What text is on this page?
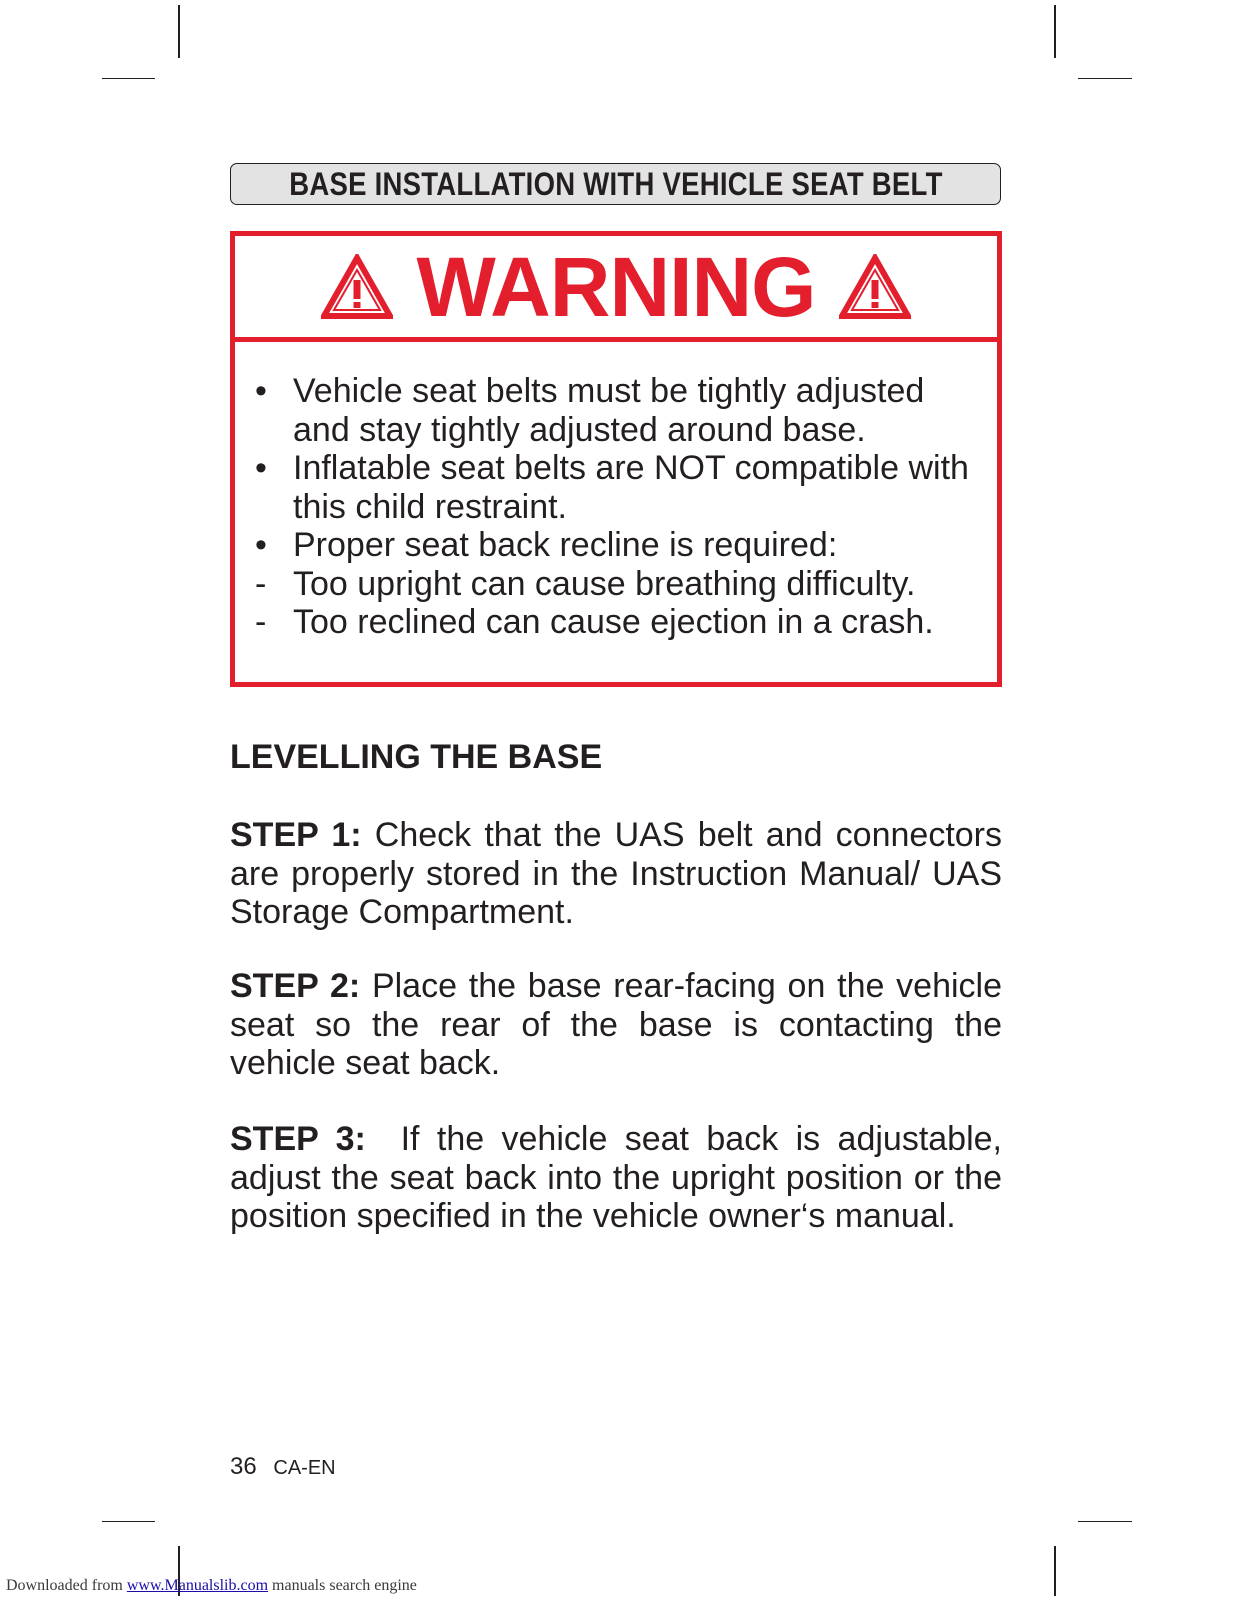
BASE INSTALLATION WITH VEHICLE SEAT BELT
WARNING
• Vehicle seat belts must be tightly adjusted and stay tightly adjusted around base.
• Inflatable seat belts are NOT compatible with this child restraint.
• Proper seat back recline is required:
- Too upright can cause breathing difficulty.
- Too reclined can cause ejection in a crash.
LEVELLING THE BASE

STEP 1: Check that the UAS belt and connectors are properly stored in the Instruction Manual/ UAS Storage Compartment.

STEP 2: Place the base rear-facing on the vehicle seat so the rear of the base is contacting the vehicle seat back.

STEP 3: If the vehicle seat back is adjustable, adjust the seat back into the upright position or the position specified in the vehicle owner‘s manual.

36 CA-EN
Downloaded from www.Manualslib.com manuals search engine
